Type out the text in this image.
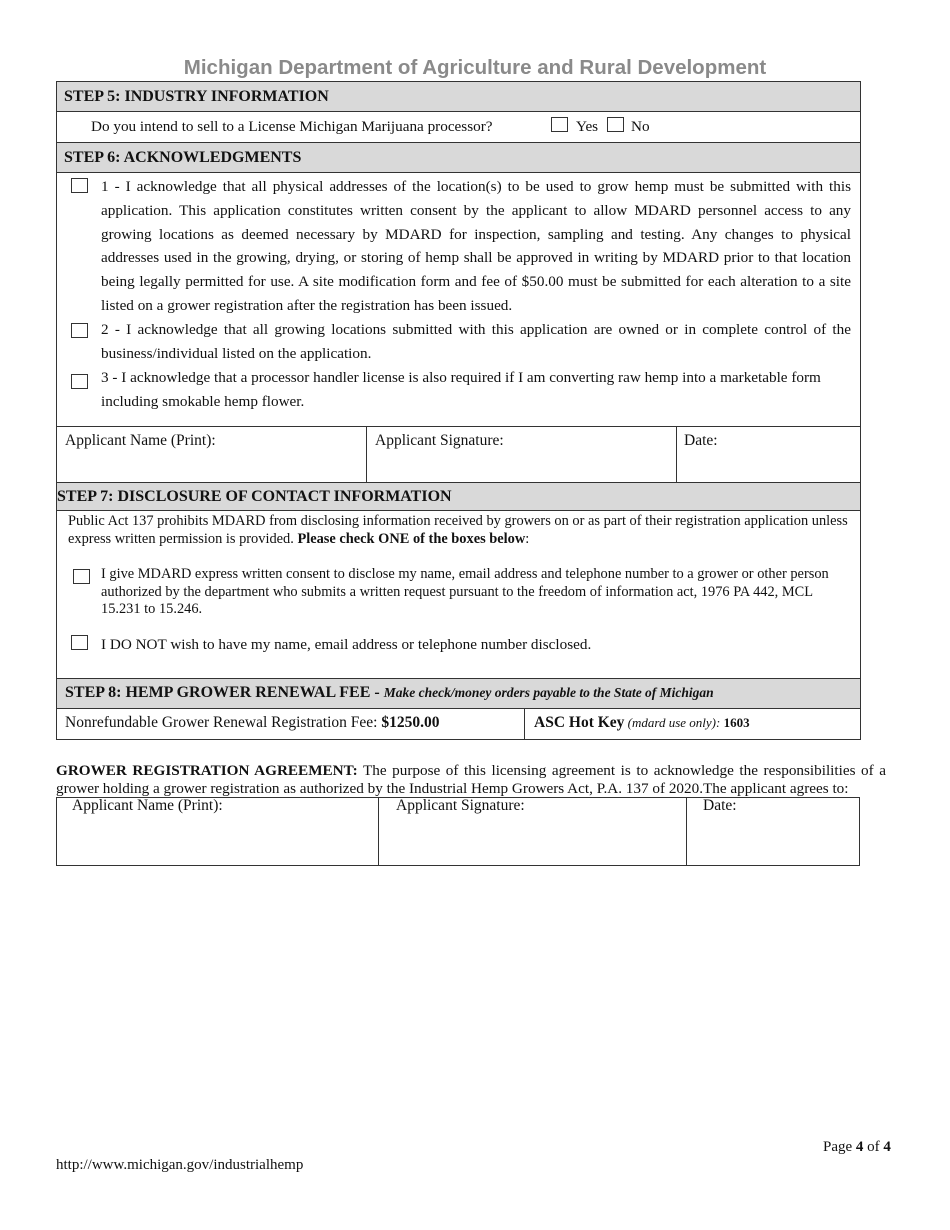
Michigan Department of Agriculture and Rural Development
STEP 5: INDUSTRY INFORMATION
Do you intend to sell to a License Michigan Marijuana processor?	Yes No
STEP 6: ACKNOWLEDGMENTS
1 - I acknowledge that all physical addresses of the location(s) to be used to grow hemp must be submitted with this application. This application constitutes written consent by the applicant to allow MDARD personnel access to any growing locations as deemed necessary by MDARD for inspection, sampling and testing. Any changes to physical addresses used in the growing, drying, or storing of hemp shall be approved in writing by MDARD prior to that location being legally permitted for use. A site modification form and fee of $50.00 must be submitted for each alteration to a site listed on a grower registration after the registration has been issued.
2 - I acknowledge that all growing locations submitted with this application are owned or in complete control of the business/individual listed on the application.
3 - I acknowledge that a processor handler license is also required if I am converting raw hemp into a marketable form including smokable hemp flower.
Applicant Name (Print):	Applicant Signature:	Date:
STEP 7: DISCLOSURE OF CONTACT INFORMATION
Public Act 137 prohibits MDARD from disclosing information received by growers on or as part of their registration application unless express written permission is provided. Please check ONE of the boxes below:
I give MDARD express written consent to disclose my name, email address and telephone number to a grower or other person authorized by the department who submits a written request pursuant to the freedom of information act, 1976 PA 442, MCL 15.231 to 15.246.
I DO NOT wish to have my name, email address or telephone number disclosed.
STEP 8: HEMP GROWER RENEWAL FEE - Make check/money orders payable to the State of Michigan
Nonrefundable Grower Renewal Registration Fee: $1250.00	ASC Hot Key (mdard use only): 1603
GROWER REGISTRATION AGREEMENT: The purpose of this licensing agreement is to acknowledge the responsibilities of a grower holding a grower registration as authorized by the Industrial Hemp Growers Act, P.A. 137 of 2020.The applicant agrees to:
Applicant Name (Print):	Applicant Signature:	Date:
Page 4 of 4
http://www.michigan.gov/industrialhemp
